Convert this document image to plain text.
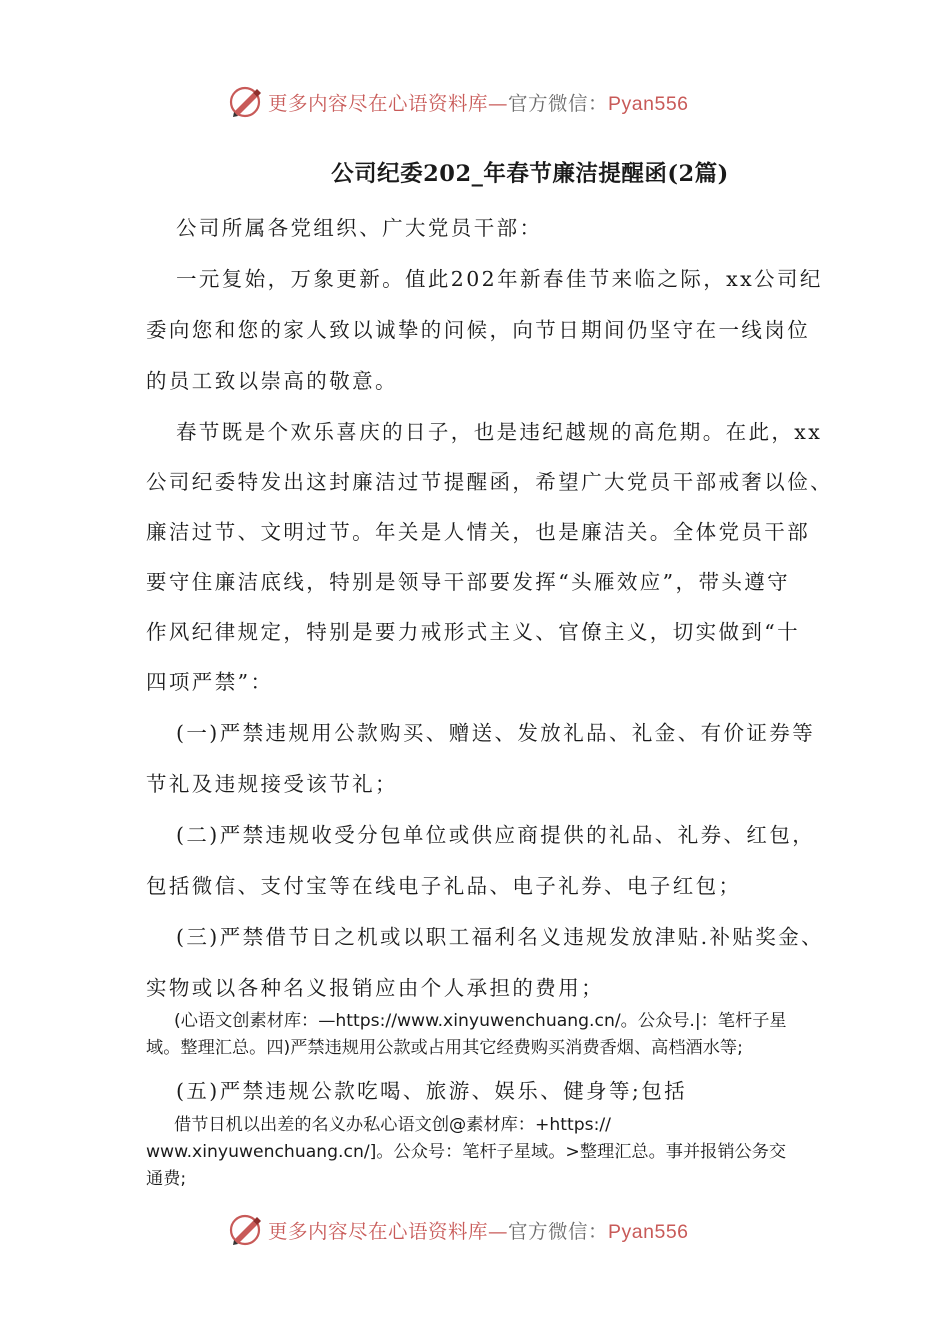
更多内容尽在心语资料库—官方微信：Pyan556
公司纪委202_年春节廉洁提醒函(2篇)
公司所属各党组织、广大党员干部：
一元复始，万象更新。值此202年新春佳节来临之际，xx公司纪
委向您和您的家人致以诚挚的问候，向节日期间仍坚守在一线岗位
的员工致以崇高的敬意。
春节既是个欢乐喜庆的日子，也是违纪越规的高危期。在此，xx
公司纪委特发出这封廉洁过节提醒函，希望广大党员干部戒奢以俭、
廉洁过节、文明过节。年关是人情关，也是廉洁关。全体党员干部
要守住廉洁底线，特别是领导干部要发挥“头雁效应”，带头遵守
作风纪律规定，特别是要力戒形式主义、官僚主义，切实做到“十
四项严禁”：
(一)严禁违规用公款购买、赠送、发放礼品、礼金、有价证券等
节礼及违规接受该节礼；
(二)严禁违规收受分包单位或供应商提供的礼品、礼券、红包，
包括微信、支付宝等在线电子礼品、电子礼券、电子红包；
(三)严禁借节日之机或以职工福利名义违规发放津贴.补贴奖金、
实物或以各种名义报销应由个人承担的费用；
(五)严禁违规公款吃喝、旅游、娱乐、健身等;包括
(心语文创素材库：—https://www.xinyuwenchuang.cn/。公众号.|：笔杆子星
域。整理汇总。四)严禁违规用公款或占用其它经费购买消费香烟、高档酒水等;
借节日机以出差的名义办私心语文创@素材库：+https://
www.xinyuwenchuang.cn/]。公众号：笔杆子星域。>整理汇总。事并报销公务交
通费;
更多内容尽在心语资料库—官方微信：Pyan556
